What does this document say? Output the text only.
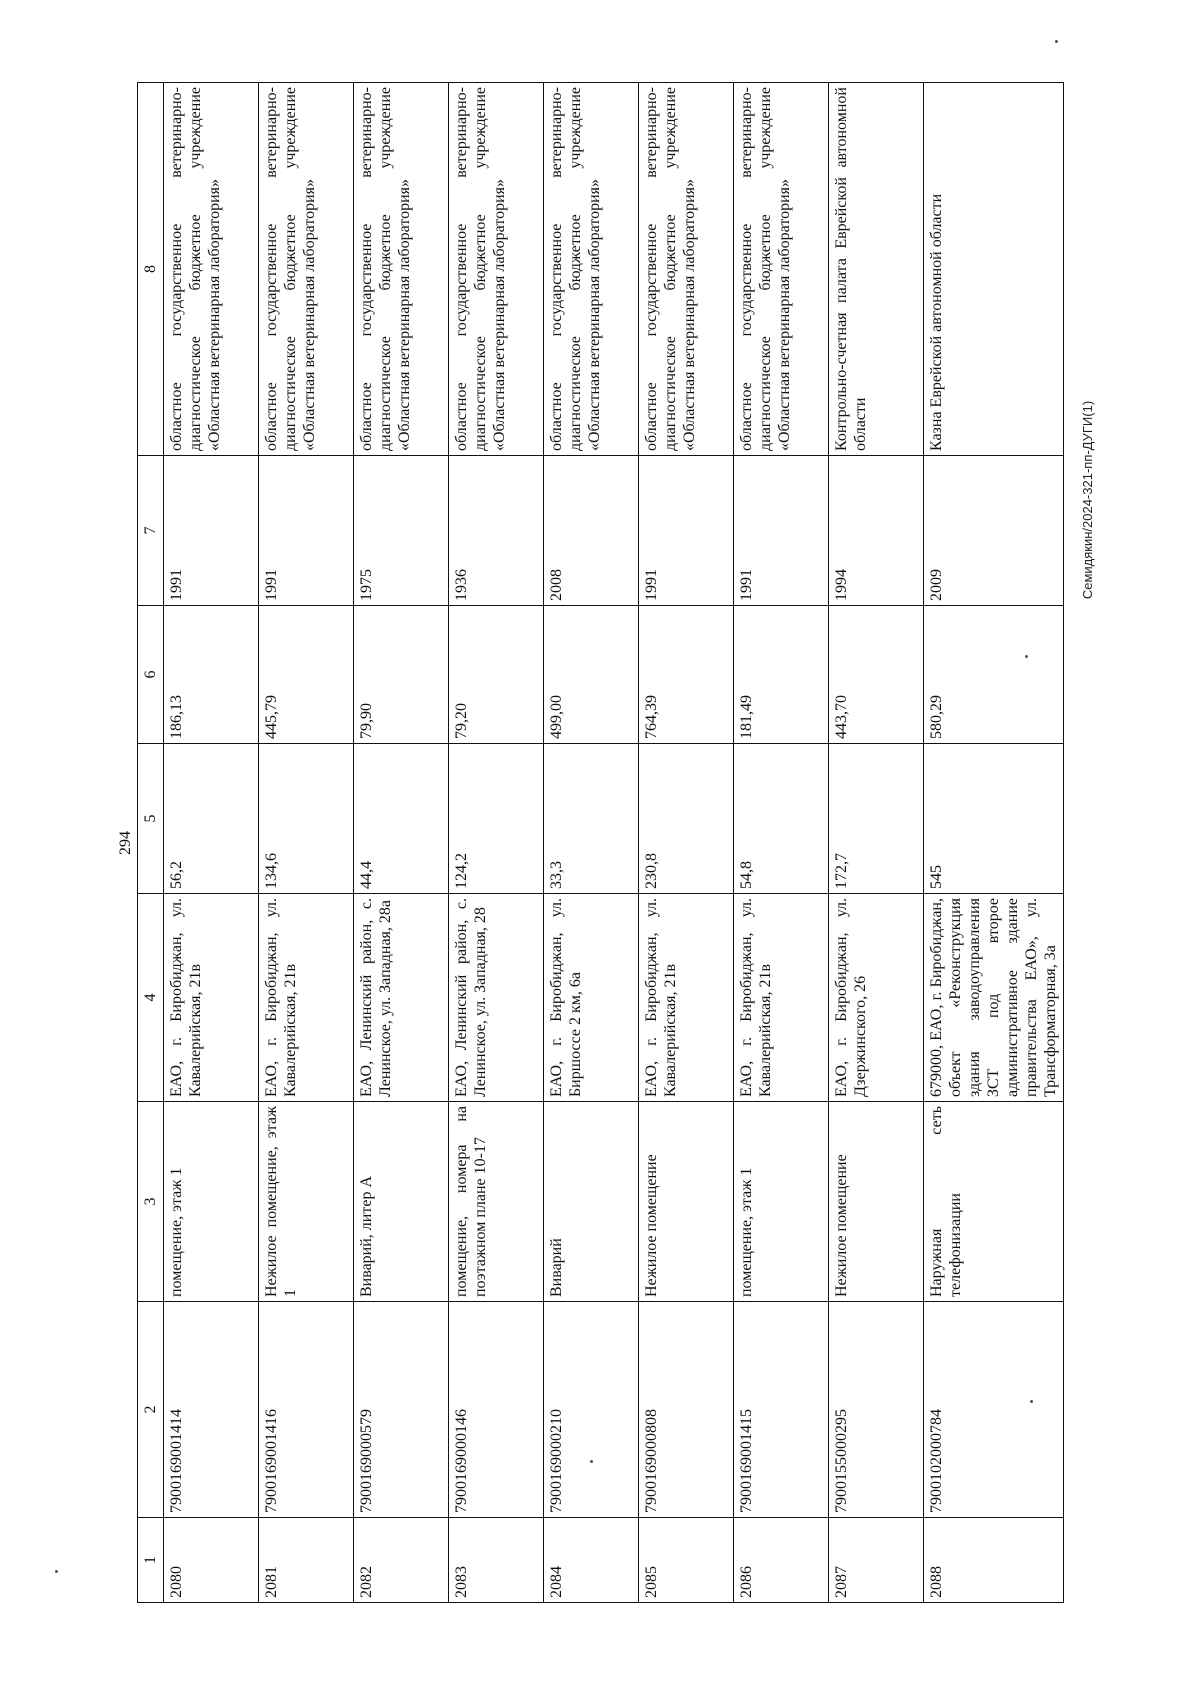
Семидякин/2024-321-пп-ДУГИ(1)
294
1	2	3	4	5	6	7	8
2080	7900169001414	помещение, этаж 1	ЕАО, г. Биробиджан, ул. Кавалерийская, 21в	56,2	186,13	1991	областное государственное ветеринарно-диагностическое бюджетное учреждение «Областная ветеринарная лаборатория»
2081	7900169001416	Нежилое помещение, этаж 1	ЕАО, г. Биробиджан, ул. Кавалерийская, 21в	134,6	445,79	1991	областное государственное ветеринарно-диагностическое бюджетное учреждение «Областная ветеринарная лаборатория»
2082	7900169000579	Виварий, литер А	ЕАО, Ленинский район, с. Ленинское, ул. Западная, 28а	44,4	79,90	1975	областное государственное ветеринарно-диагностическое бюджетное учреждение «Областная ветеринарная лаборатория»
2083	7900169000146	помещение, номера на поэтажном плане 10-17	ЕАО, Ленинский район, с. Ленинское, ул. Западная, 28	124,2	79,20	1936	областное государственное ветеринарно-диагностическое бюджетное учреждение «Областная ветеринарная лаборатория»
2084	7900169000210	Виварий	ЕАО, г. Биробиджан, ул. Биршоссе 2 км, 6а	33,3	499,00	2008	областное государственное ветеринарно-диагностическое бюджетное учреждение «Областная ветеринарная лаборатория»
2085	7900169000808	Нежилое помещение	ЕАО, г. Биробиджан, ул. Кавалерийская, 21в	230,8	764,39	1991	областное государственное ветеринарно-диагностическое бюджетное учреждение «Областная ветеринарная лаборатория»
2086	7900169001415	помещение, этаж 1	ЕАО, г. Биробиджан, ул. Кавалерийская, 21в	54,8	181,49	1991	областное государственное ветеринарно-диагностическое бюджетное учреждение «Областная ветеринарная лаборатория»
2087	7900155000295	Нежилое помещение	ЕАО, г. Биробиджан, ул. Дзержинского, 26	172,7	443,70	1994	Контрольно-счетная палата Еврейской автономной области
2088	7900102000784	Наружная сеть телефонизации	679000, ЕАО, г. Биробиджан, объект «Реконструкция здания заводоуправления ЗСТ под второе административное здание правительства ЕАО», ул. Трансформаторная, 3а	545	580,29	2009	Казна Еврейской автономной области
